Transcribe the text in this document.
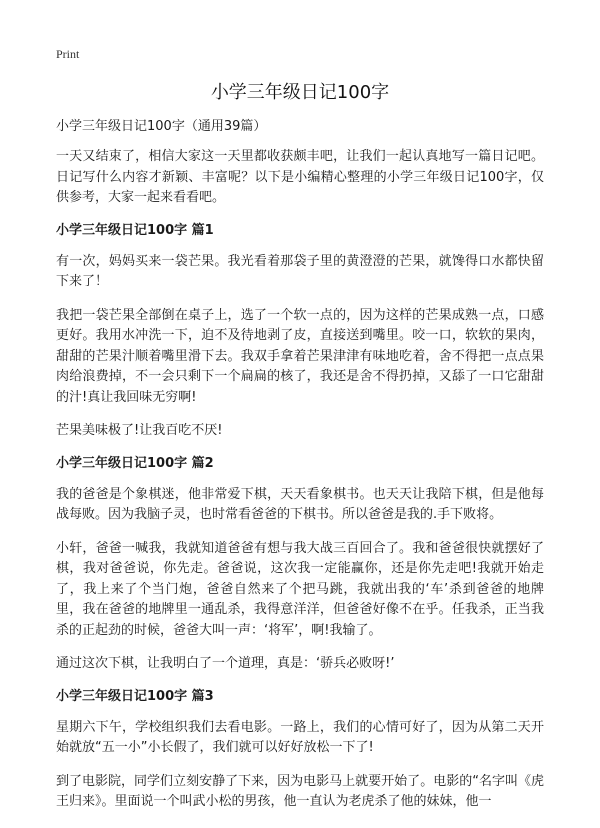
Print
小学三年级日记100字
小学三年级日记100字（通用39篇）

一天又结束了，相信大家这一天里都收获颇丰吧，让我们一起认真地写一篇日记吧。日记写什么内容才新颖、丰富呢？以下是小编精心整理的小学三年级日记100字，仅供参考，大家一起来看看吧。

小学三年级日记100字 篇1

有一次，妈妈买来一袋芒果。我光看着那袋子里的黄澄澄的芒果，就馋得口水都快留下来了！

我把一袋芒果全部倒在桌子上，选了一个软一点的，因为这样的芒果成熟一点，口感更好。我用水冲洗一下，迫不及待地剥了皮，直接送到嘴里。咬一口，软软的果肉，甜甜的芒果汁顺着嘴里滑下去。我双手拿着芒果津津有味地吃着，舍不得把一点点果肉给浪费掉，不一会只剩下一个扁扁的核了，我还是舍不得扔掉，又舔了一口它甜甜的汁!真让我回味无穷啊!

芒果美味极了!让我百吃不厌!

小学三年级日记100字 篇2

我的爸爸是个象棋迷，他非常爱下棋，天天看象棋书。也天天让我陪下棋，但是他每战每败。因为我脑子灵，也时常看爸爸的下棋书。所以爸爸是我的.手下败将。

小轩，爸爸一喊我，我就知道爸爸有想与我大战三百回合了。我和爸爸很快就摆好了棋，我对爸爸说，你先走。爸爸说，这次我一定能赢你，还是你先走吧!我就开始走了，我上来了个当门炮，爸爸自然来了个把马跳，我就出我的‘车’杀到爸爸的地牌里，我在爸爸的地牌里一通乱杀，我得意洋洋，但爸爸好像不在乎。任我杀，正当我杀的正起劲的时候，爸爸大叫一声：‘将军’，啊!我输了。

通过这次下棋，让我明白了一个道理，真是：‘骄兵必败呀!’

小学三年级日记100字 篇3

星期六下午，学校组织我们去看电影。一路上，我们的心情可好了，因为从第二天开始就放“五一小”小长假了，我们就可以好好放松一下了!

到了电影院，同学们立刻安静了下来，因为电影马上就要开始了。电影的“名字叫《虎王归来》。里面说一个叫武小松的男孩，他一直认为老虎杀了他的妹妹，他一
